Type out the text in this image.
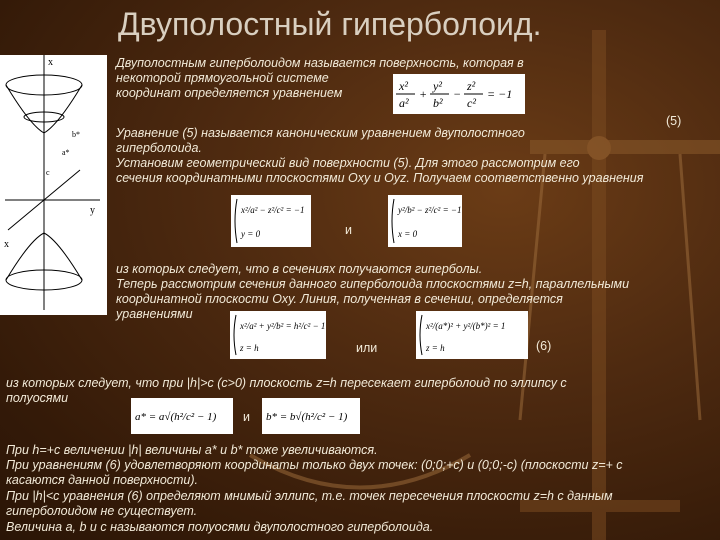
Двуполостный гиперболоид.
x
y
b*
a*
c
x
Двуполостным гиперболоидом называется поверхность, которая в
некоторой прямоугольной системе
координат определяется уравнением	x²
a²
+
y²
b²
−
z²
c²
= −1
(5)
Уравнение (5) называется каноническим уравнением двуполостного
гиперболоида.
Установим геометрический вид поверхности (5). Для этого рассмотрим его
сечения координатными плоскостями Oxy и Oyz. Получаем соответственно уравнения
x²/a² − z²/c² = −1
y = 0	и
y²/b² − z²/c² = −1
x = 0
из которых следует, что в сечениях получаются гиперболы.
Теперь рассмотрим сечения данного гиперболоида плоскостями z=h, параллельными
координатной плоскости Oxy. Линия, полученная в сечении, определяется
уравнениями
x²/a² + y²/b² = h²/c² − 1
z = h	или
x²/(a*)² + y²/(b*)² = 1
z = h	(6)
из которых следует, что при |h|>c (c>0) плоскость z=h пересекает гиперболоид по эллипсу с
полуосями
a* = a√(h²/c² − 1) и b* = b√(h²/c² − 1)
При h=+с величении |h| величины a* и b* тоже увеличиваются.
При уравнениям (6) удовлетворяют координаты только двух точек: (0;0;+c) и (0;0;-c) (плоскости z=+ c
касаются данной поверхности).
При |h|<c уравнения (6) определяют мнимый эллипс, т.е. точек пересечения плоскости z=h с данным
гиперболоидом не существует.
Величина a, b и c называются полуосями двуполостного гиперболоида.
